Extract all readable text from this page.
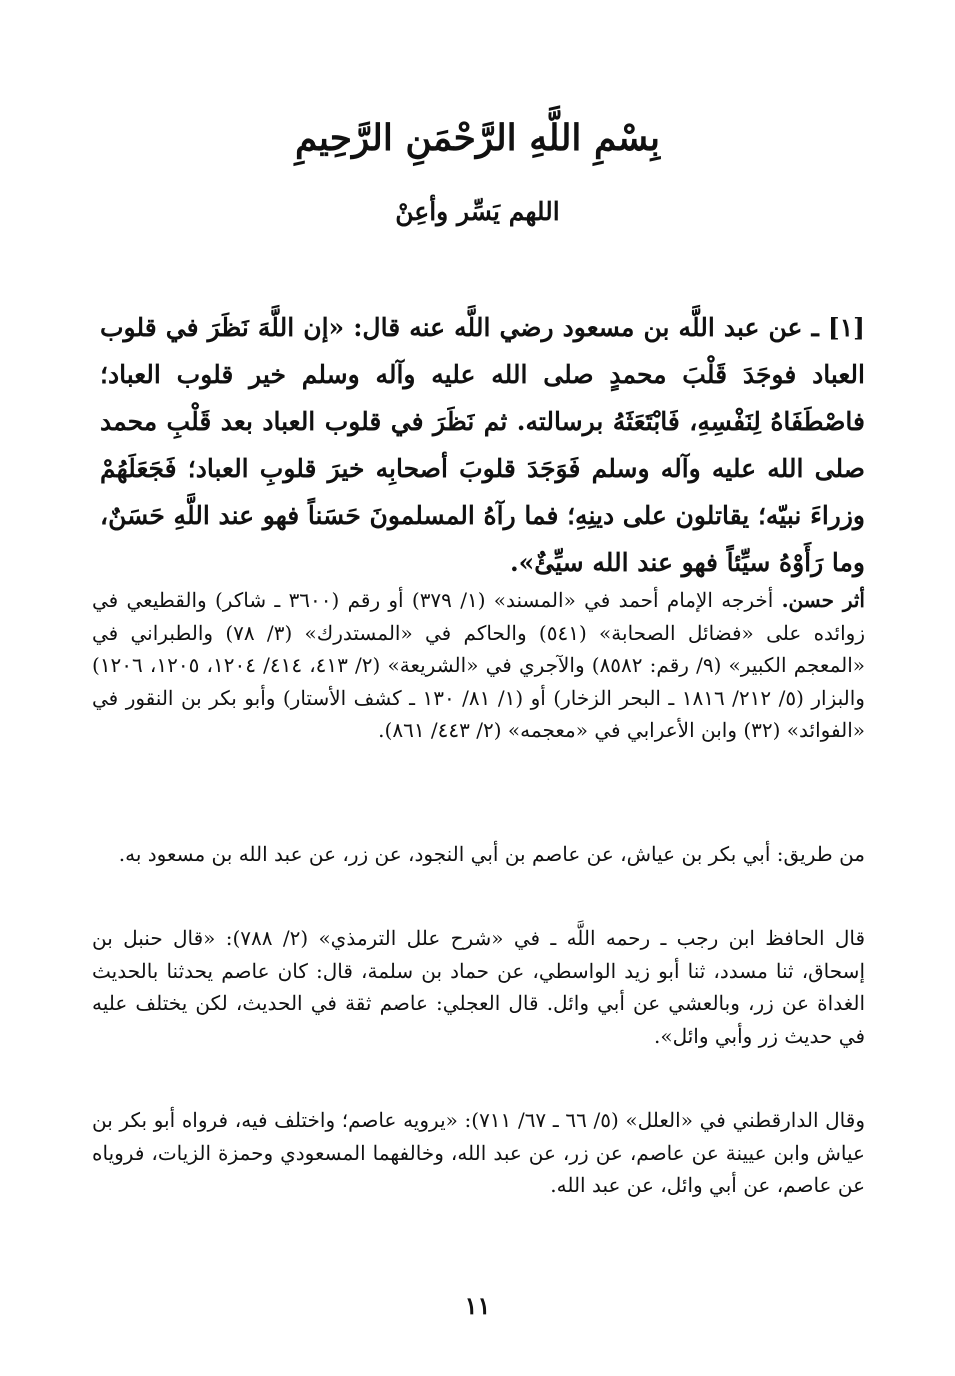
بِسْمِ اللَّهِ الرَّحْمَنِ الرَّحِيمِ
اللهم يَسِّر وأعِنْ
[١] ـ عن عبد اللَّه بن مسعود رضي اللَّه عنه قال: «إن اللَّهَ نَظَرَ في قلوب العباد فوجَدَ قَلْبَ محمدٍ صلى الله عليه وآله وسلم خير قلوب العباد؛ فاصْطَفَاهُ لِنَفْسِهِ، فَابْتَعَثَهُ برسالته. ثم نَظَرَ في قلوب العباد بعد قَلْبِ محمد صلى الله عليه وآله وسلم فَوَجَدَ قلوبَ أصحابِه خيرَ قلوبِ العباد؛ فَجَعَلَهُمْ وزراءَ نبيّه؛ يقاتلون على دينِهِ؛ فما رآهُ المسلمونَ حَسَناً فهو عند اللَّهِ حَسَنٌ، وما رَأَوْهُ سيِّئاً فهو عند الله سيِّئٌ».
أثر حسن. أخرجه الإمام أحمد في «المسند» (١/ ٣٧٩) أو رقم (٣٦٠٠ ـ شاكر) والقطيعي في زوائده على «فضائل الصحابة» (٥٤١) والحاكم في «المستدرك» (٣/ ٧٨) والطبراني في «المعجم الكبير» (٩/ رقم: ٨٥٨٢) والآجري في «الشريعة» (٢/ ٤١٣، ٤١٤/ ١٢٠٤، ١٢٠٥، ١٢٠٦) والبزار (٥/ ٢١٢/ ١٨١٦ ـ البحر الزخار) أو (١/ ٨١/ ١٣٠ ـ كشف الأستار) وأبو بكر بن النقور في «الفوائد» (٣٢) وابن الأعرابي في «معجمه» (٢/ ٤٤٣/ ٨٦١).
من طريق: أبي بكر بن عياش، عن عاصم بن أبي النجود، عن زر، عن عبد الله بن مسعود به.
قال الحافظ ابن رجب ـ رحمه اللَّه ـ في «شرح علل الترمذي» (٢/ ٧٨٨): «قال حنبل بن إسحاق، ثنا مسدد، ثنا أبو زيد الواسطي، عن حماد بن سلمة، قال: كان عاصم يحدثنا بالحديث الغداة عن زر، وبالعشي عن أبي وائل. قال العجلي: عاصم ثقة في الحديث، لكن يختلف عليه في حديث زر وأبي وائل».
وقال الدارقطني في «العلل» (٥/ ٦٦ ـ ٦٧/ ٧١١): «يرويه عاصم؛ واختلف فيه، فرواه أبو بكر بن عياش وابن عيينة عن عاصم، عن زر، عن عبد الله، وخالفهما المسعودي وحمزة الزيات، فروياه عن عاصم، عن أبي وائل، عن عبد الله.
١١
